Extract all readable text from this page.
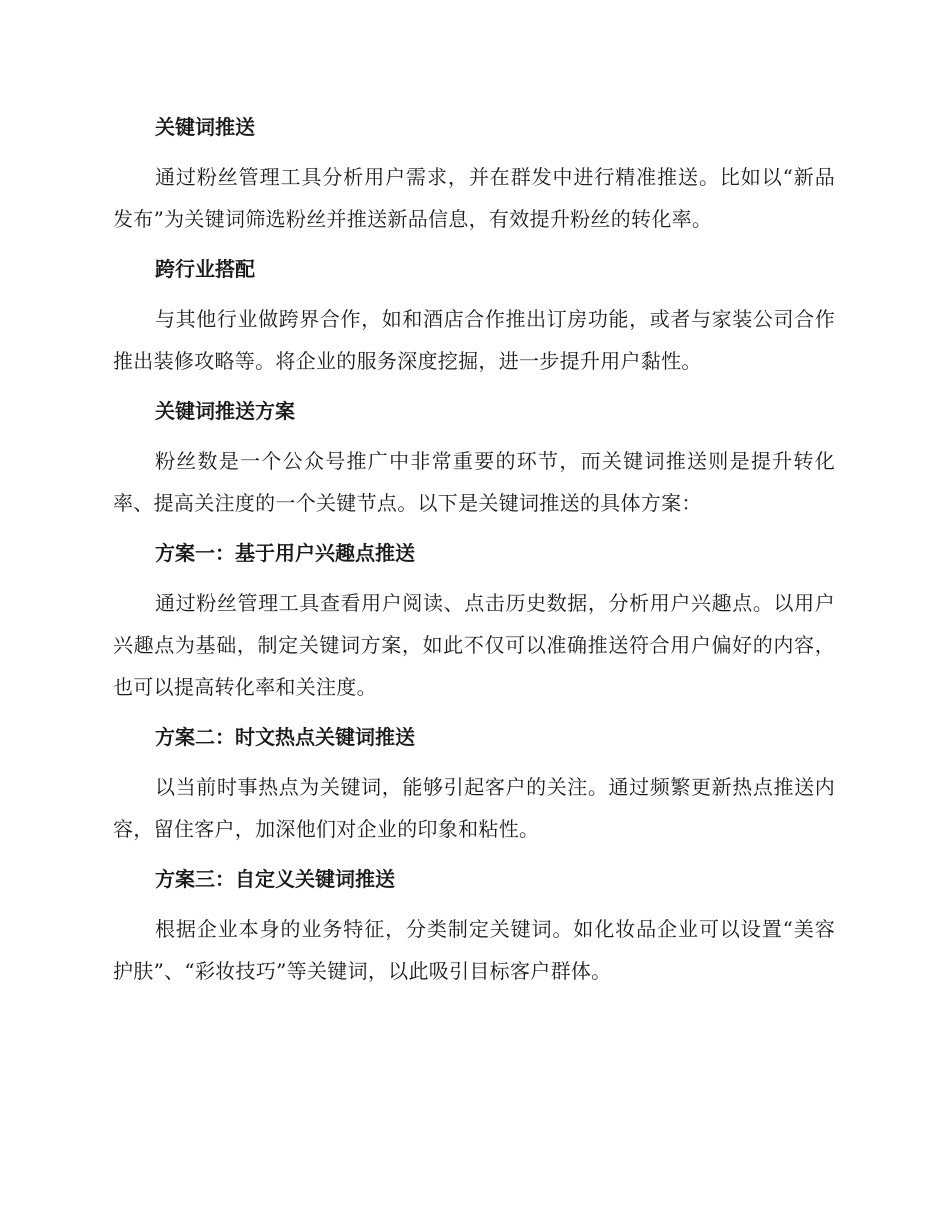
关键词推送

通过粉丝管理工具分析用户需求，并在群发中进行精准推送。比如以“新品发布”为关键词筛选粉丝并推送新品信息，有效提升粉丝的转化率。

跨行业搭配

与其他行业做跨界合作，如和酒店合作推出订房功能，或者与家装公司合作推出装修攻略等。将企业的服务深度挖掘，进一步提升用户黏性。

关键词推送方案

粉丝数是一个公众号推广中非常重要的环节，而关键词推送则是提升转化率、提高关注度的一个关键节点。以下是关键词推送的具体方案：

方案一：基于用户兴趣点推送

通过粉丝管理工具查看用户阅读、点击历史数据，分析用户兴趣点。以用户兴趣点为基础，制定关键词方案，如此不仅可以准确推送符合用户偏好的内容，也可以提高转化率和关注度。

方案二：时文热点关键词推送

以当前时事热点为关键词，能够引起客户的关注。通过频繁更新热点推送内容，留住客户，加深他们对企业的印象和粘性。

方案三：自定义关键词推送

根据企业本身的业务特征，分类制定关键词。如化妆品企业可以设置“美容护肤”、“彩妆技巧”等关键词，以此吸引目标客户群体。
